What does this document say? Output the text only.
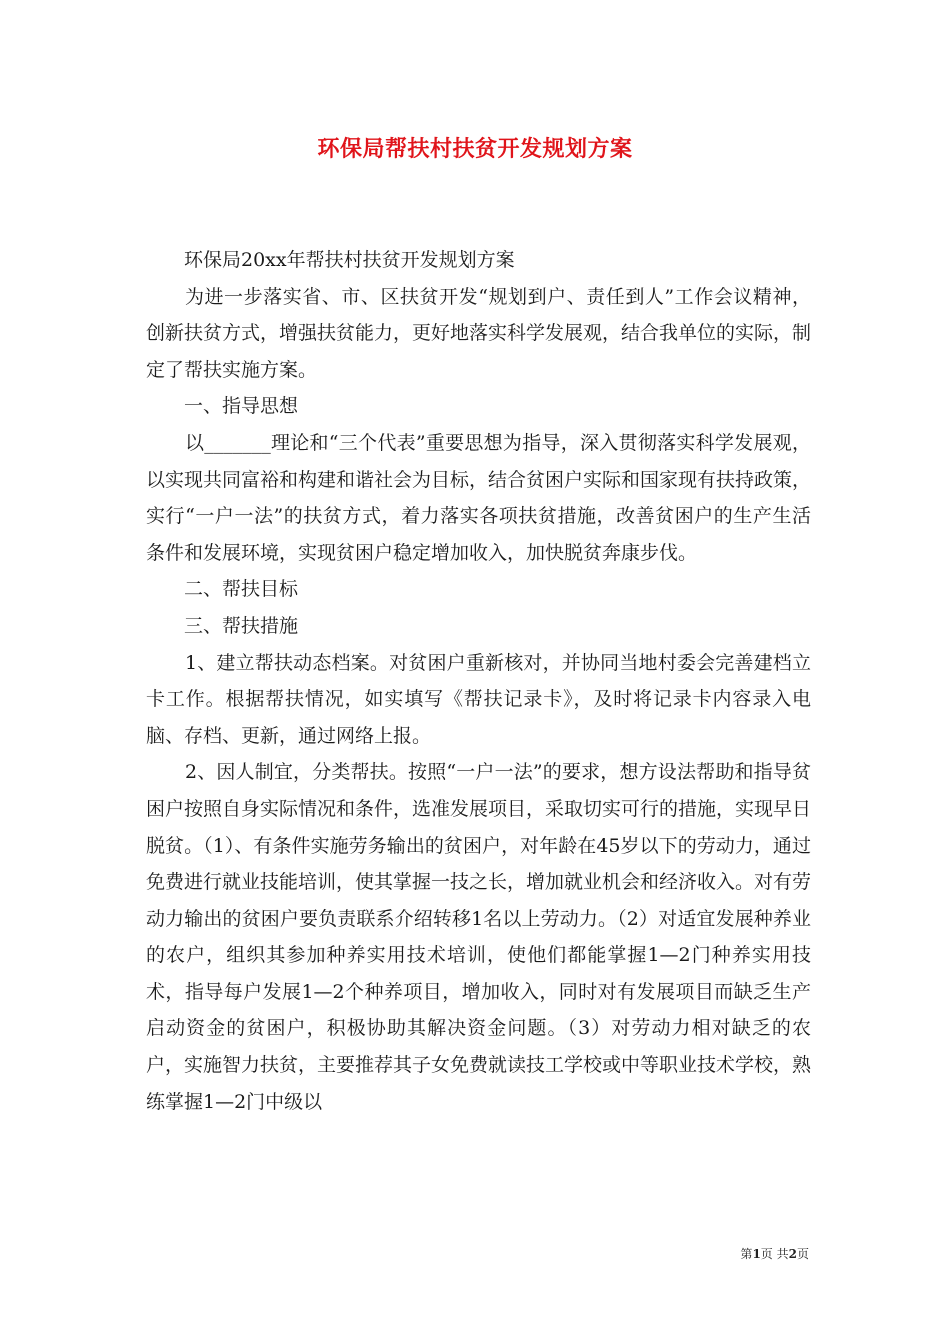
环保局帮扶村扶贫开发规划方案

环保局20xx年帮扶村扶贫开发规划方案

为进一步落实省、市、区扶贫开发“规划到户、责任到人”工作会议精神，创新扶贫方式，增强扶贫能力，更好地落实科学发展观，结合我单位的实际，制定了帮扶实施方案。

一、指导思想

以_______理论和“三个代表”重要思想为指导，深入贯彻落实科学发展观，以实现共同富裕和构建和谐社会为目标，结合贫困户实际和国家现有扶持政策，实行“一户一法”的扶贫方式，着力落实各项扶贫措施，改善贫困户的生产生活条件和发展环境，实现贫困户稳定增加收入，加快脱贫奔康步伐。

二、帮扶目标

三、帮扶措施

1、建立帮扶动态档案。对贫困户重新核对，并协同当地村委会完善建档立卡工作。根据帮扶情况，如实填写《帮扶记录卡》，及时将记录卡内容录入电脑、存档、更新，通过网络上报。

2、因人制宜，分类帮扶。按照“一户一法”的要求，想方设法帮助和指导贫困户按照自身实际情况和条件，选准发展项目，采取切实可行的措施，实现早日脱贫。（1）、有条件实施劳务输出的贫困户，对年龄在45岁以下的劳动力，通过免费进行就业技能培训，使其掌握一技之长，增加就业机会和经济收入。对有劳动力输出的贫困户要负责联系介绍转移1名以上劳动力。（2）对适宜发展种养业的农户，组织其参加种养实用技术培训，使他们都能掌握1—2门种养实用技术，指导每户发展1—2个种养项目，增加收入，同时对有发展项目而缺乏生产启动资金的贫困户，积极协助其解决资金问题。（3）对劳动力相对缺乏的农户，实施智力扶贫，主要推荐其子女免费就读技工学校或中等职业技术学校，熟练掌握1—2门中级以

第1页 共2页
